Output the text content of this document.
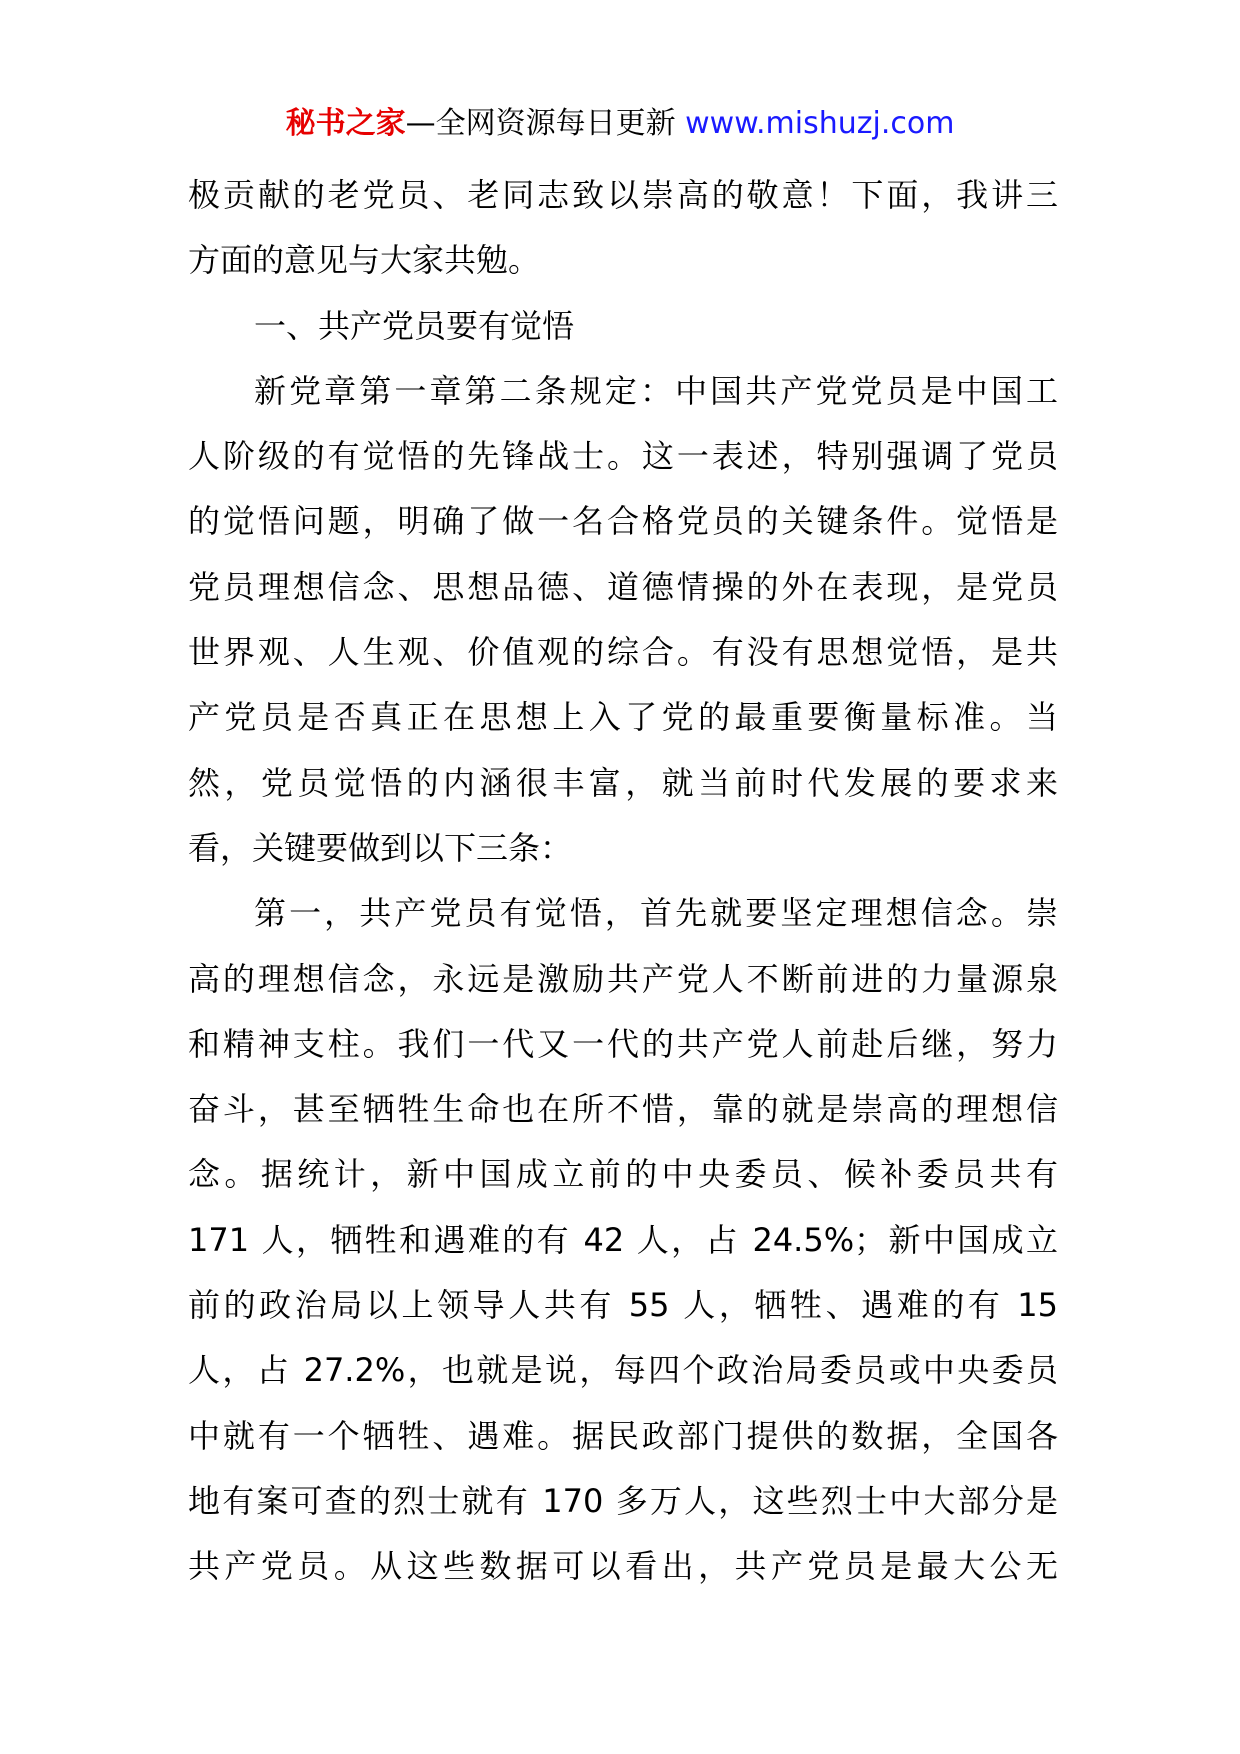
秘书之家—全网资源每日更新 www.mishuzj.com
极贡献的老党员、老同志致以崇高的敬意！下面，我讲三
方面的意见与大家共勉。
一、共产党员要有觉悟
新党章第一章第二条规定：中国共产党党员是中国工
人阶级的有觉悟的先锋战士。这一表述，特别强调了党员
的觉悟问题，明确了做一名合格党员的关键条件。觉悟是
党员理想信念、思想品德、道德情操的外在表现，是党员
世界观、人生观、价值观的综合。有没有思想觉悟，是共
产党员是否真正在思想上入了党的最重要衡量标准。当
然，党员觉悟的内涵很丰富，就当前时代发展的要求来
看，关键要做到以下三条：
第一，共产党员有觉悟，首先就要坚定理想信念。崇
高的理想信念，永远是激励共产党人不断前进的力量源泉
和精神支柱。我们一代又一代的共产党人前赴后继，努力
奋斗，甚至牺牲生命也在所不惜，靠的就是崇高的理想信
念。据统计，新中国成立前的中央委员、候补委员共有
171 人，牺牲和遇难的有 42 人，占 24.5%；新中国成立
前的政治局以上领导人共有 55 人，牺牲、遇难的有 15
人，占 27.2%，也就是说，每四个政治局委员或中央委员
中就有一个牺牲、遇难。据民政部门提供的数据，全国各
地有案可查的烈士就有 170 多万人，这些烈士中大部分是
共产党员。从这些数据可以看出，共产党员是最大公无
